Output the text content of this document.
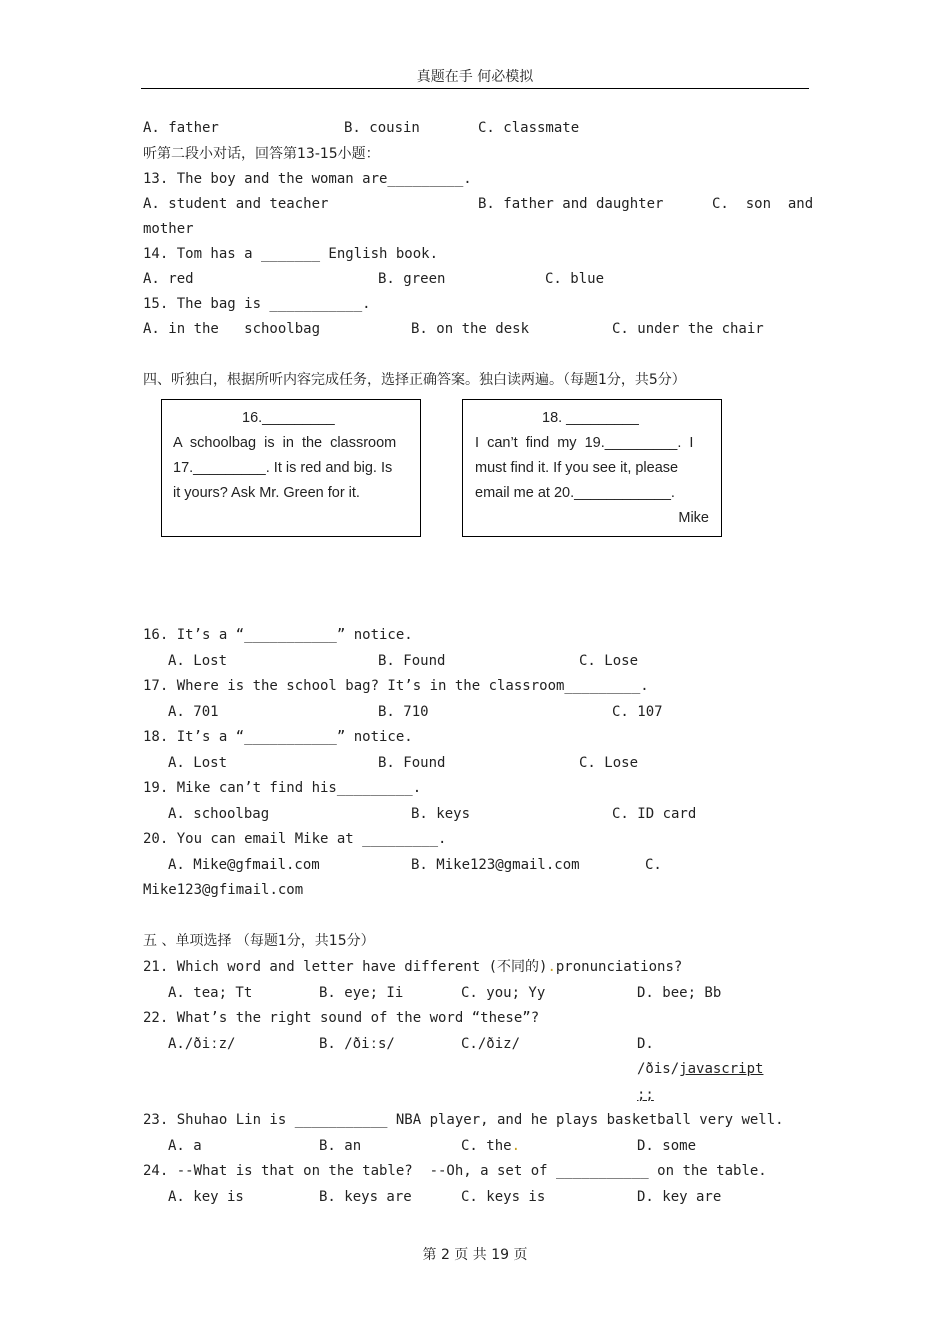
真题在手 何必模拟
A. father	B. cousin	C. classmate
听第二段小对话，回答第13-15小题：
13. The boy and the woman are_________.
A. student and teacher	B. father and daughter	C.  son  and
mother
14. Tom has a _______ English book.
A. red	B. green	C. blue
15. The bag is ___________.
A. in the   schoolbag	B. on the desk	C. under the chair
四、听独白，根据所听内容完成任务，选择正确答案。独白读两遍。（每题1分，共5分）
16._________
A  schoolbag  is  in  the  classroom
17._________. It is red and big. Is
it yours? Ask Mr. Green for it.
18. _________
I  can’t  find  my  19._________.  I
must find it. If you see it, please
email me at 20.____________.
Mike
16. It’s a “___________” notice.
A. Lost	B. Found	C. Lose
17. Where is the school bag? It’s in the classroom_________.
A. 701	B. 710	C. 107
18. It’s a “___________” notice.
A. Lost	B. Found	C. Lose
19. Mike can’t find his_________.
A. schoolbag	B. keys	C. ID card
20. You can email Mike at _________.
A. Mike@gfmail.com	B. Mike123@gmail.com	C.
Mike123@gfimail.com
五 、单项选择 （每题1分，共15分）
21. Which word and letter have different (不同的).pronunciations?
A. tea; Tt	B. eye; Ii	C. you; Yy	D. bee; Bb
22. What’s the right sound of the word “these”?
A./ðiːz/	B. /ðiːs/	C./ðiz/	D.
/ðis/javascript
;;
23. Shuhao Lin is ___________ NBA player, and he plays basketball very well.
A. a	B. an	C. the.	D. some
24. --What is that on the table?  --Oh, a set of ___________ on the table.
A. key is	B. keys are	C. keys is	D. key are
第 2 页 共 19 页
